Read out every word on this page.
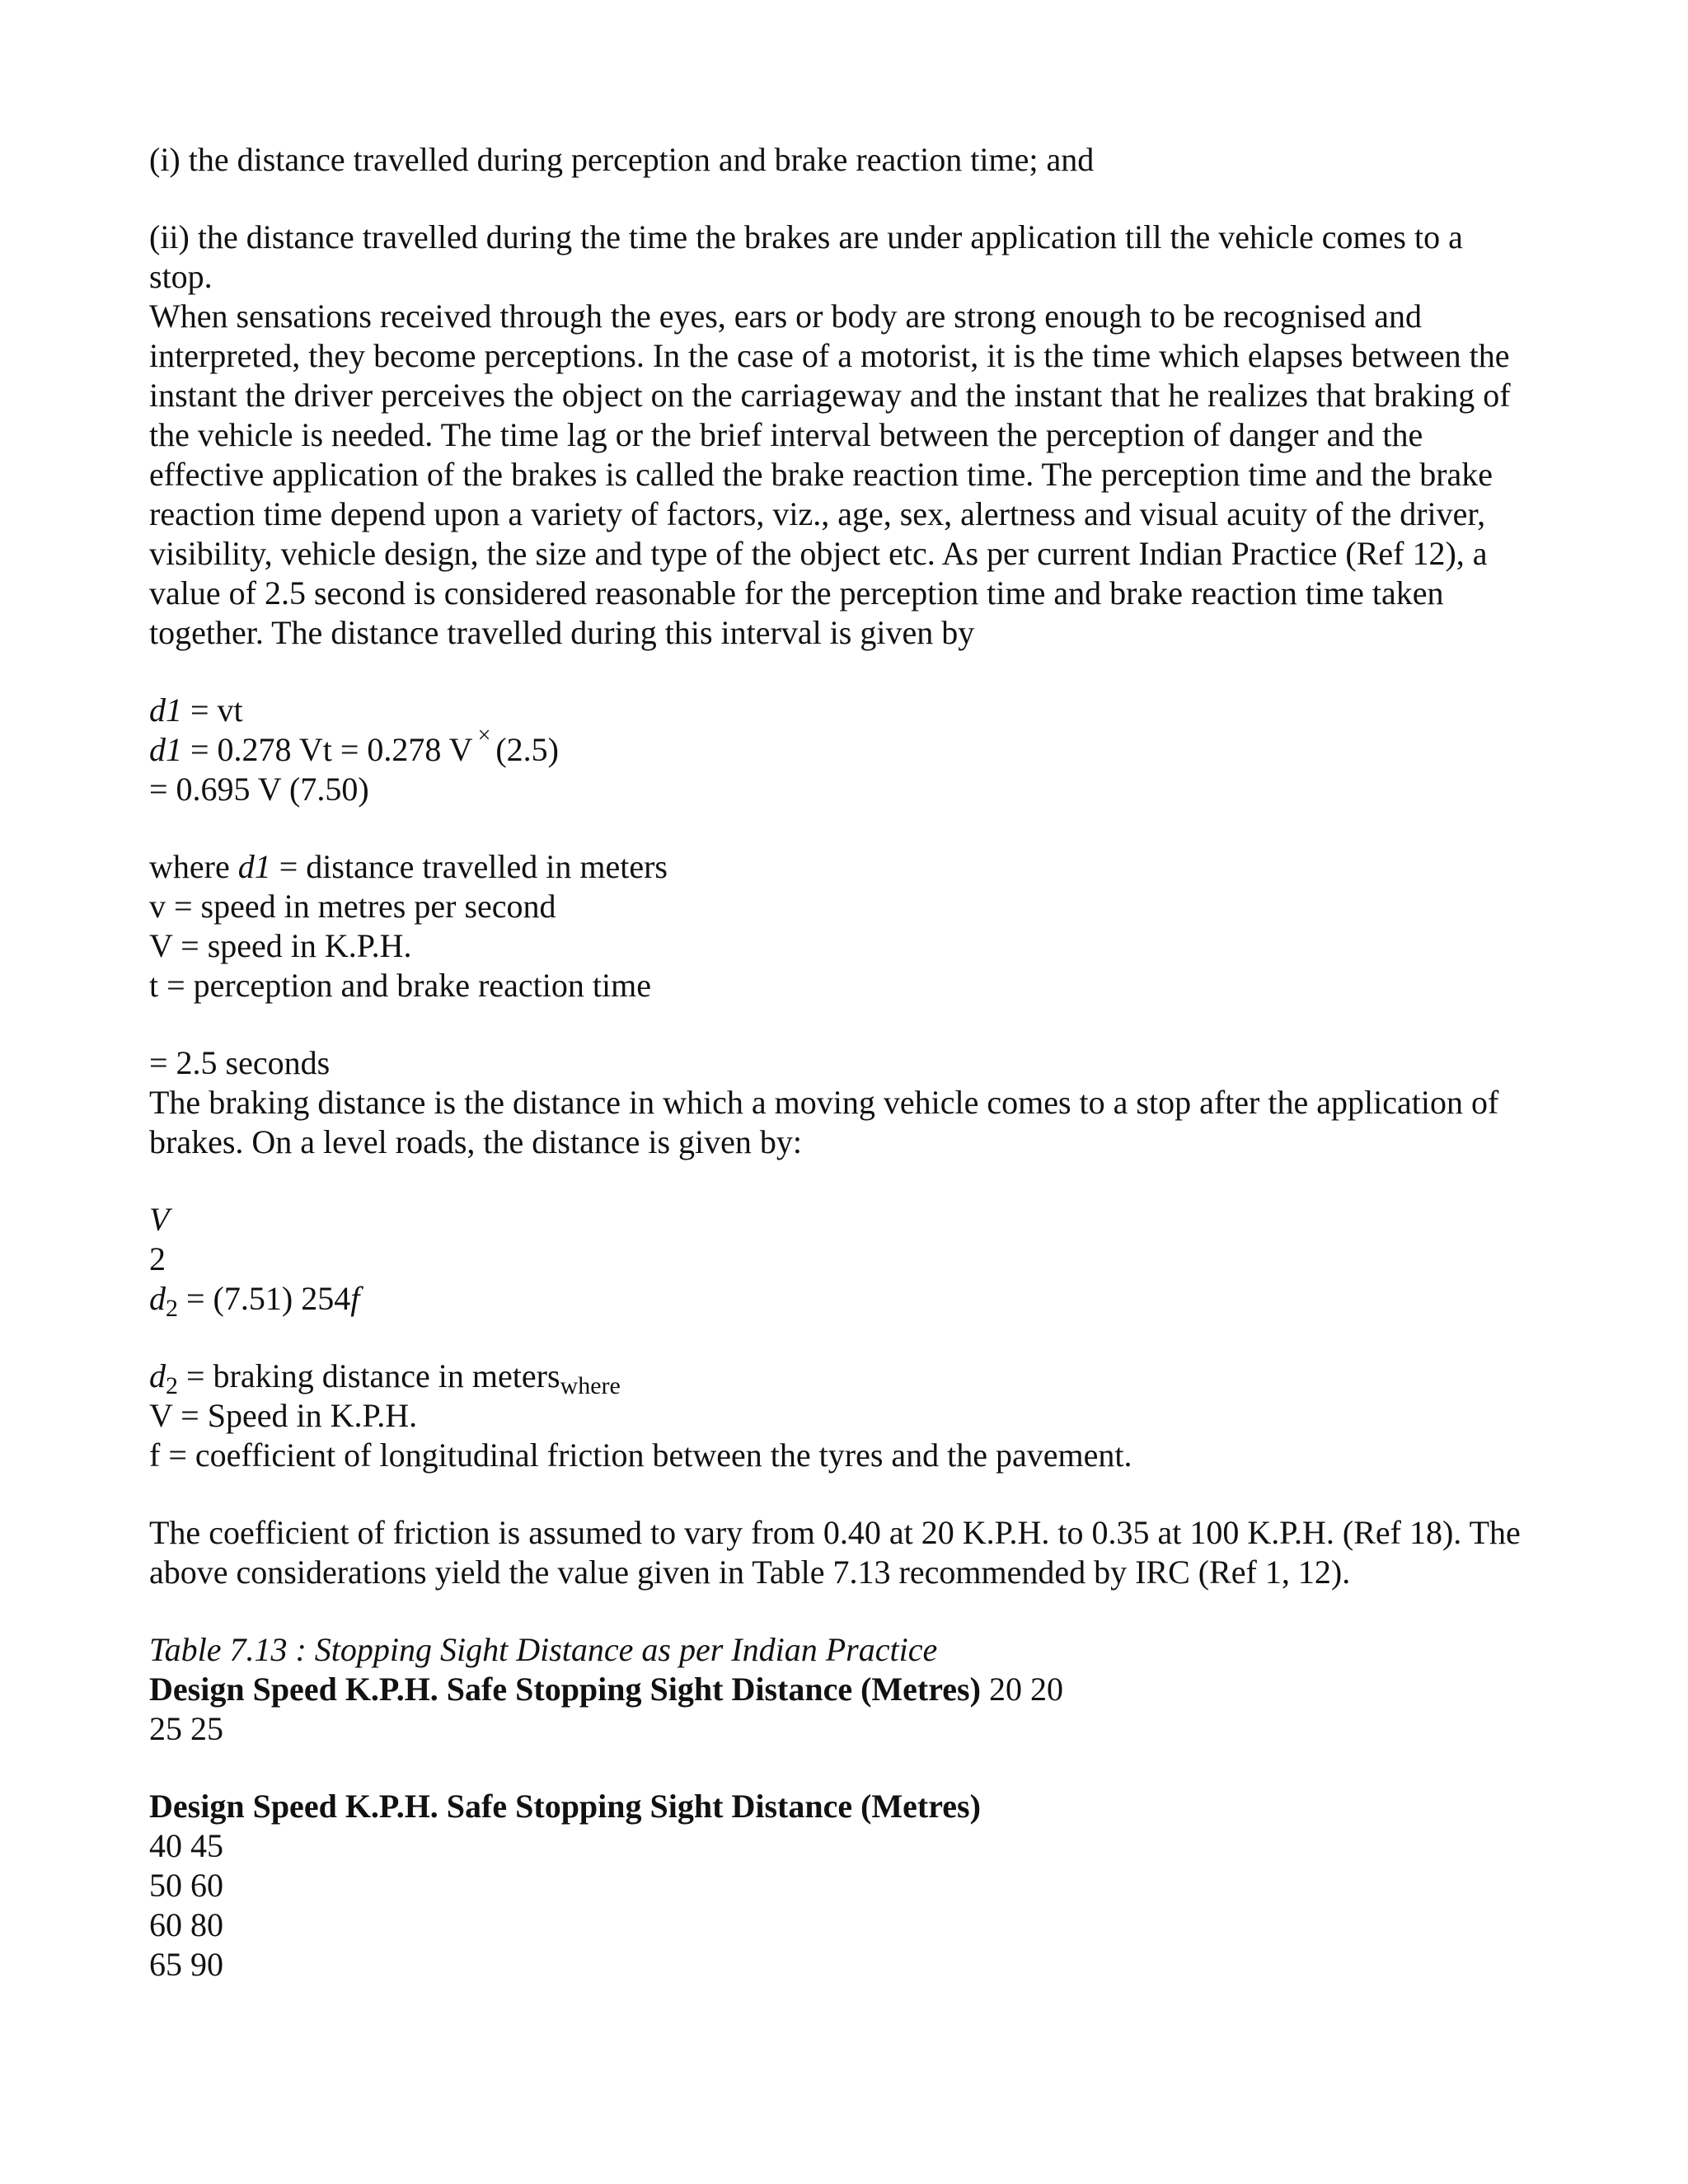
(i) the distance travelled during perception and brake reaction time; and
(ii) the distance travelled during the time the brakes are under application till the vehicle comes to a
stop.
When sensations received through the eyes, ears or body are strong enough to be recognised and
interpreted, they become perceptions. In the case of a motorist, it is the time which elapses between the
instant the driver perceives the object on the carriageway and the instant that he realizes that braking of
the vehicle is needed. The time lag or the brief interval between the perception of danger and the
effective application of the brakes is called the brake reaction time. The perception time and the brake
reaction time depend upon a variety of factors, viz., age, sex, alertness and visual acuity of the driver,
visibility, vehicle design, the size and type of the object etc. As per current Indian Practice (Ref 12), a
value of 2.5 second is considered reasonable for the perception time and brake reaction time taken
together. The distance travelled during this interval is given by
d1 = vt
d1 = 0.278 Vt = 0.278 V × (2.5)
= 0.695 V (7.50)
where d1 = distance travelled in meters
v = speed in metres per second
V = speed in K.P.H.
t = perception and brake reaction time
= 2.5 seconds
The braking distance is the distance in which a moving vehicle comes to a stop after the application of
brakes. On a level roads, the distance is given by:
V
2
$d_2 = (7.51)$ 254f
$d_2$ = braking distance in meters$_{where}$
V = Speed in K.P.H.
f = coefficient of longitudinal friction between the tyres and the pavement.
The coefficient of friction is assumed to vary from 0.40 at 20 K.P.H. to 0.35 at 100 K.P.H. (Ref 18). The
above considerations yield the value given in Table 7.13 recommended by IRC (Ref 1, 12).
Table 7.13 : Stopping Sight Distance as per Indian Practice
Design Speed K.P.H. Safe Stopping Sight Distance (Metres) 20 20
25 25
Design Speed K.P.H. Safe Stopping Sight Distance (Metres)
40 45
50 60
60 80
65 90
